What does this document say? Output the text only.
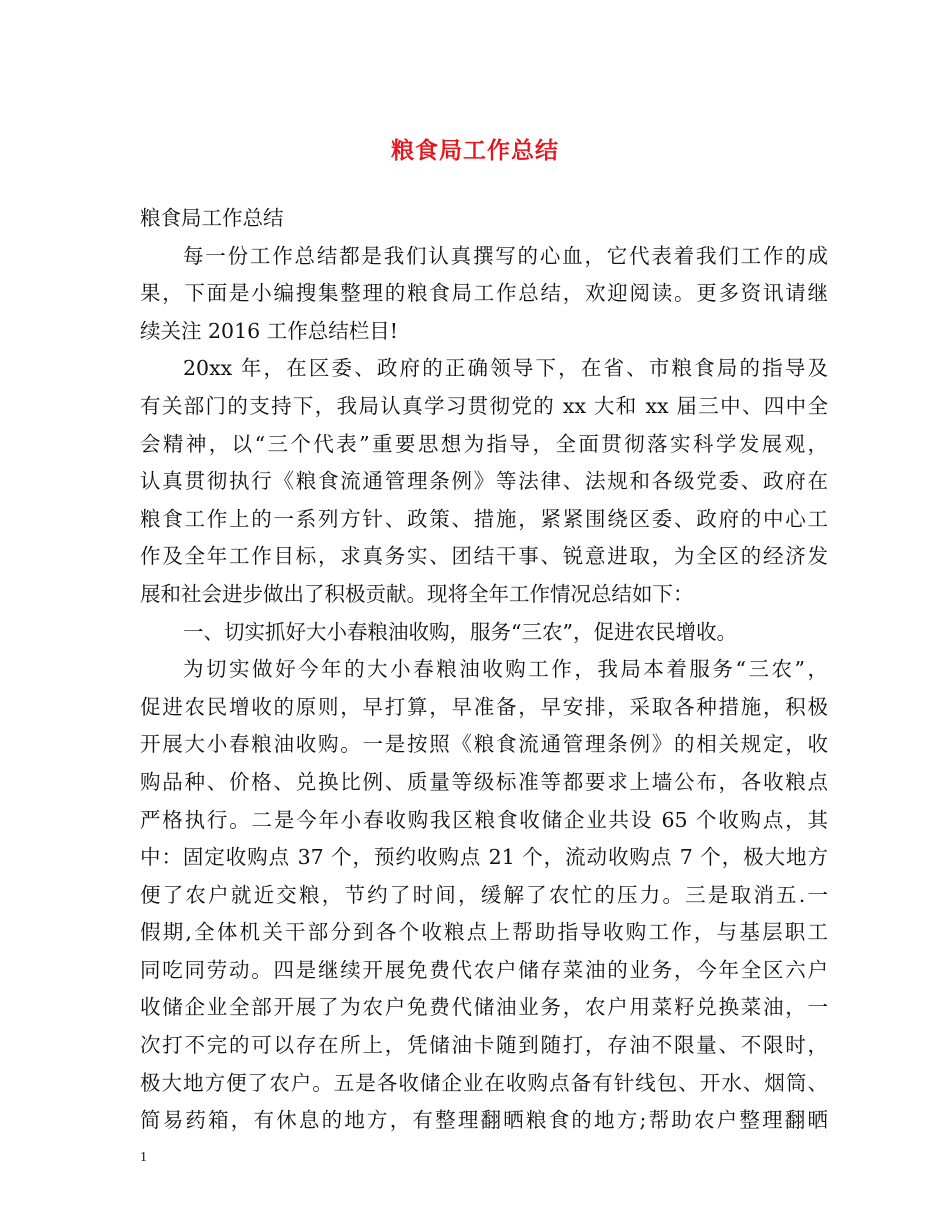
粮食局工作总结
粮食局工作总结
每一份工作总结都是我们认真撰写的心血，它代表着我们工作的成
果，下面是小编搜集整理的粮食局工作总结，欢迎阅读。更多资讯请继
续关注 2016 工作总结栏目!
20xx 年，在区委、政府的正确领导下，在省、市粮食局的指导及
有关部门的支持下，我局认真学习贯彻党的 xx 大和 xx 届三中、四中全
会精神，以“三个代表”重要思想为指导，全面贯彻落实科学发展观，
认真贯彻执行《粮食流通管理条例》等法律、法规和各级党委、政府在
粮食工作上的一系列方针、政策、措施，紧紧围绕区委、政府的中心工
作及全年工作目标，求真务实、团结干事、锐意进取，为全区的经济发
展和社会进步做出了积极贡献。现将全年工作情况总结如下：
一、切实抓好大小春粮油收购，服务“三农”，促进农民增收。
为切实做好今年的大小春粮油收购工作，我局本着服务“三农”，
促进农民增收的原则，早打算，早准备，早安排，采取各种措施，积极
开展大小春粮油收购。一是按照《粮食流通管理条例》的相关规定，收
购品种、价格、兑换比例、质量等级标准等都要求上墙公布，各收粮点
严格执行。二是今年小春收购我区粮食收储企业共设 65 个收购点，其
中：固定收购点 37 个，预约收购点 21 个，流动收购点 7 个，极大地方
便了农户就近交粮，节约了时间，缓解了农忙的压力。三是取消五.一
假期,全体机关干部分到各个收粮点上帮助指导收购工作，与基层职工
同吃同劳动。四是继续开展免费代农户储存菜油的业务，今年全区六户
收储企业全部开展了为农户免费代储油业务，农户用菜籽兑换菜油，一
次打不完的可以存在所上，凭储油卡随到随打，存油不限量、不限时，
极大地方便了农户。五是各收储企业在收购点备有针线包、开水、烟筒、
简易药箱，有休息的地方，有整理翻晒粮食的地方;帮助农户整理翻晒
1
